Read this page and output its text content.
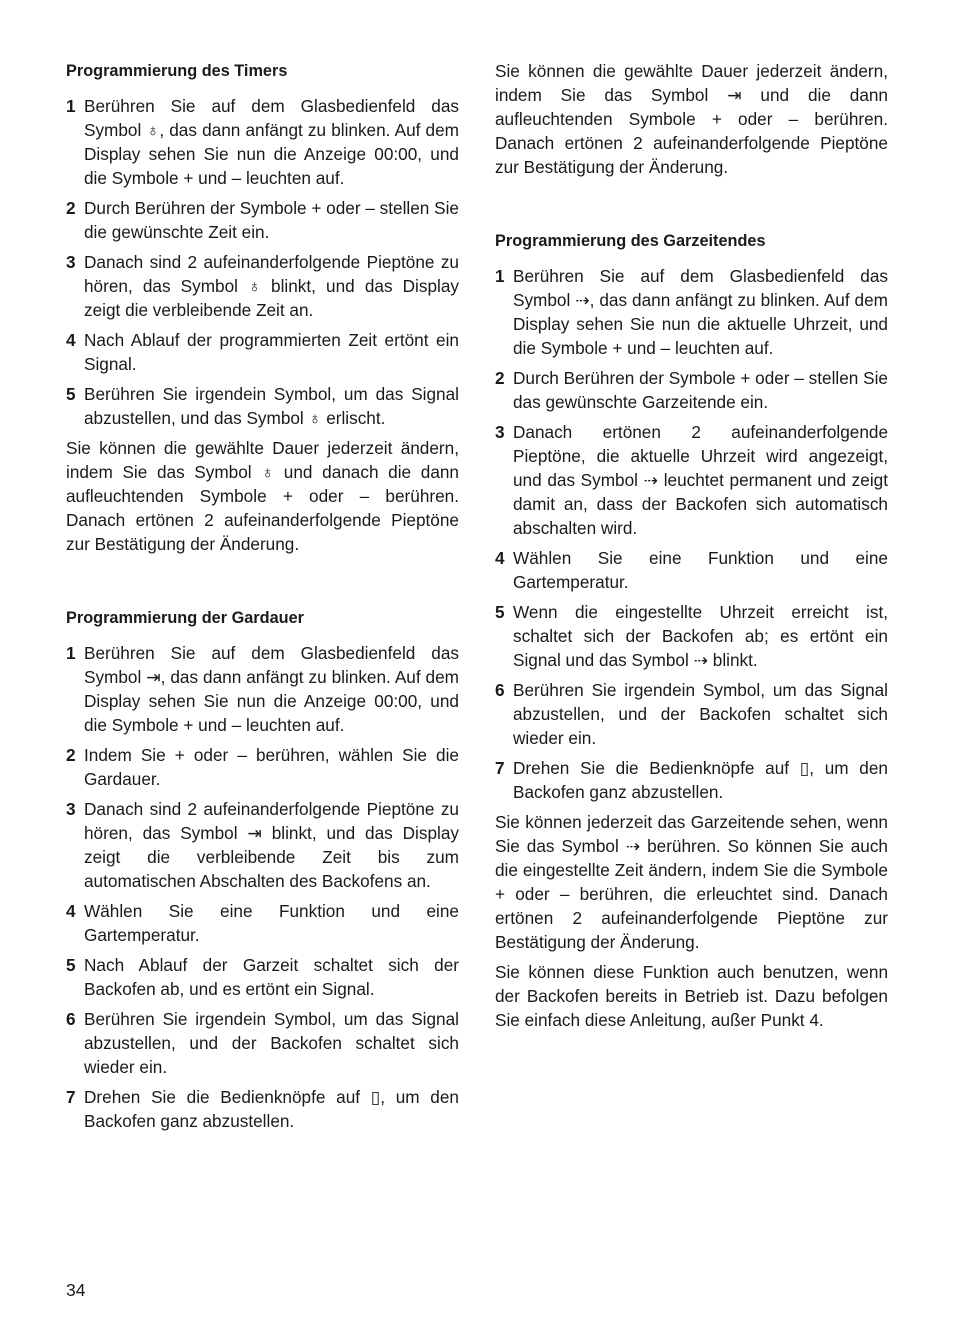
Programmierung des Timers
1 Berühren Sie auf dem Glasbedienfeld das Symbol ♁, das dann anfängt zu blinken. Auf dem Display sehen Sie nun die Anzeige 00:00, und die Symbole + und – leuchten auf.
2 Durch Berühren der Symbole + oder – stellen Sie die gewünschte Zeit ein.
3 Danach sind 2 aufeinanderfolgende Pieptöne zu hören, das Symbol ♁ blinkt, und das Display zeigt die verbleibende Zeit an.
4 Nach Ablauf der programmierten Zeit ertönt ein Signal.
5 Berühren Sie irgendein Symbol, um das Signal abzustellen, und das Symbol ♁ erlischt.

Sie können die gewählte Dauer jederzeit ändern, indem Sie das Symbol ♁ und danach die dann aufleuchtenden Symbole + oder – berühren. Danach ertönen 2 aufeinanderfolgende Pieptöne zur Bestätigung der Änderung.

Programmierung der Gardauer
1 Berühren Sie auf dem Glasbedienfeld das Symbol ⇥, das dann anfängt zu blinken. Auf dem Display sehen Sie nun die Anzeige 00:00, und die Symbole + und – leuchten auf.
2 Indem Sie + oder – berühren, wählen Sie die Gardauer.
3 Danach sind 2 aufeinanderfolgende Pieptöne zu hören, das Symbol ⇥ blinkt, und das Display zeigt die verbleibende Zeit bis zum automatischen Abschalten des Backofens an.
4 Wählen Sie eine Funktion und eine Gartemperatur.
5 Nach Ablauf der Garzeit schaltet sich der Backofen ab, und es ertönt ein Signal.
6 Berühren Sie irgendein Symbol, um das Signal abzustellen, und der Backofen schaltet sich wieder ein.
7 Drehen Sie die Bedienknöpfe auf ▯, um den Backofen ganz abzustellen.

Sie können die gewählte Dauer jederzeit ändern, indem Sie das Symbol ⇥ und die dann aufleuchtenden Symbole + oder – berühren. Danach ertönen 2 aufeinanderfolgende Pieptöne zur Bestätigung der Änderung.

Programmierung des Garzeitendes
1 Berühren Sie auf dem Glasbedienfeld das Symbol ⇢, das dann anfängt zu blinken. Auf dem Display sehen Sie nun die aktuelle Uhrzeit, und die Symbole + und – leuchten auf.
2 Durch Berühren der Symbole + oder – stellen Sie das gewünschte Garzeitende ein.
3 Danach ertönen 2 aufeinanderfolgende Pieptöne, die aktuelle Uhrzeit wird angezeigt, und das Symbol ⇢ leuchtet permanent und zeigt damit an, dass der Backofen sich automatisch abschalten wird.
4 Wählen Sie eine Funktion und eine Gartemperatur.
5 Wenn die eingestellte Uhrzeit erreicht ist, schaltet sich der Backofen ab; es ertönt ein Signal und das Symbol ⇢ blinkt.
6 Berühren Sie irgendein Symbol, um das Signal abzustellen, und der Backofen schaltet sich wieder ein.
7 Drehen Sie die Bedienknöpfe auf ▯, um den Backofen ganz abzustellen.

Sie können jederzeit das Garzeitende sehen, wenn Sie das Symbol ⇢ berühren. So können Sie auch die eingestellte Zeit ändern, indem Sie die Symbole + oder – berühren, die erleuchtet sind. Danach ertönen 2 aufeinanderfolgende Pieptöne zur Bestätigung der Änderung.

Sie können diese Funktion auch benutzen, wenn der Backofen bereits in Betrieb ist. Dazu befolgen Sie einfach diese Anleitung, außer Punkt 4.

34
